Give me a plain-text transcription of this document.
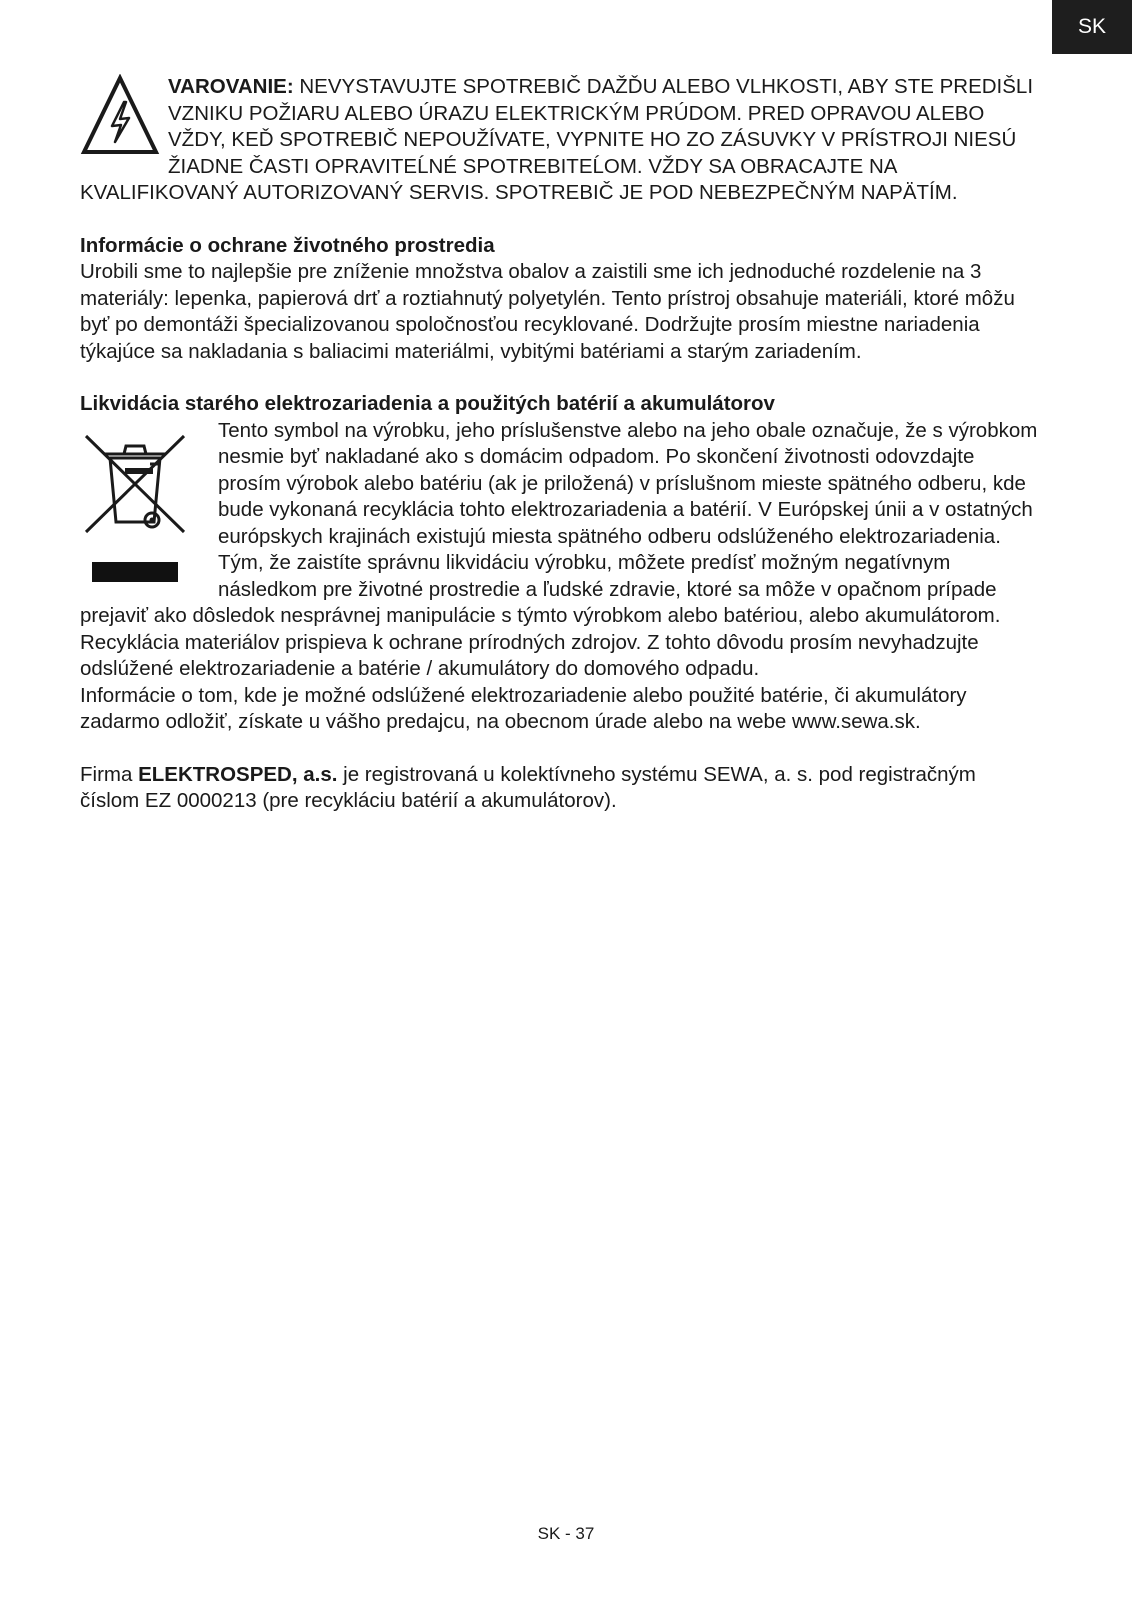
SK

VAROVANIE: NEVYSTAVUJTE SPOTREBIČ DAŽĎU ALEBO VLHKOSTI, ABY STE PREDIŠLI VZNIKU POŽIARU ALEBO ÚRAZU ELEKTRICKÝM PRÚDOM. PRED OPRAVOU ALEBO VŽDY, KEĎ SPOTREBIČ NEPOUŽÍVATE, VYPNITE HO ZO ZÁSUVKY V PRÍSTROJI NIESÚ ŽIADNE ČASTI OPRAVITEĹNÉ SPOTREBITEĹOM. VŽDY SA OBRACAJTE NA KVALIFIKOVANÝ AUTORIZOVANÝ SERVIS. SPOTREBIČ JE POD NEBEZPEČNÝM NAPÄTÍM.

Informácie o ochrane životného prostredia

Urobili sme to najlepšie pre zníženie množstva obalov a zaistili sme ich jednoduché rozdelenie na 3 materiály: lepenka, papierová drť a roztiahnutý polyetylén. Tento prístroj obsahuje materiáli, ktoré môžu byť po demontáži špecializovanou spoločnosťou recyklované. Dodržujte prosím miestne nariadenia týkajúce sa nakladania s baliacimi materiálmi, vybitými batériami a starým zariadením.

Likvidácia starého elektrozariadenia a použitých batérií a akumulátorov

Tento symbol na výrobku, jeho príslušenstve alebo na jeho obale označuje, že s výrobkom nesmie byť nakladané ako s domácim odpadom. Po skončení životnosti odovzdajte prosím výrobok alebo batériu (ak je priložená) v príslušnom mieste spätného odberu, kde bude vykonaná recyklácia tohto elektrozariadenia a batérií. V Európskej únii a v ostatných európskych krajinách existujú miesta spätného odberu odslúženého elektrozariadenia. Tým, že zaistíte správnu likvidáciu výrobku, môžete predísť možným negatívnym následkom pre životné prostredie a ľudské zdravie, ktoré sa môže v opačnom prípade prejaviť ako dôsledok nesprávnej manipulácie s týmto výrobkom alebo batériou, alebo akumulátorom. Recyklácia materiálov prispieva k ochrane prírodných zdrojov. Z tohto dôvodu prosím nevyhadzujte odslúžené elektrozariadenie a batérie / akumulátory do domového odpadu.

Informácie o tom, kde je možné odslúžené elektrozariadenie alebo použité batérie, či akumulátory zadarmo odložiť, získate u vášho predajcu, na obecnom úrade alebo na webe www.sewa.sk.

Firma ELEKTROSPED, a.s. je registrovaná u kolektívneho systému SEWA, a. s. pod registračným číslom EZ 0000213 (pre recykláciu batérií a akumulátorov).

SK - 37
